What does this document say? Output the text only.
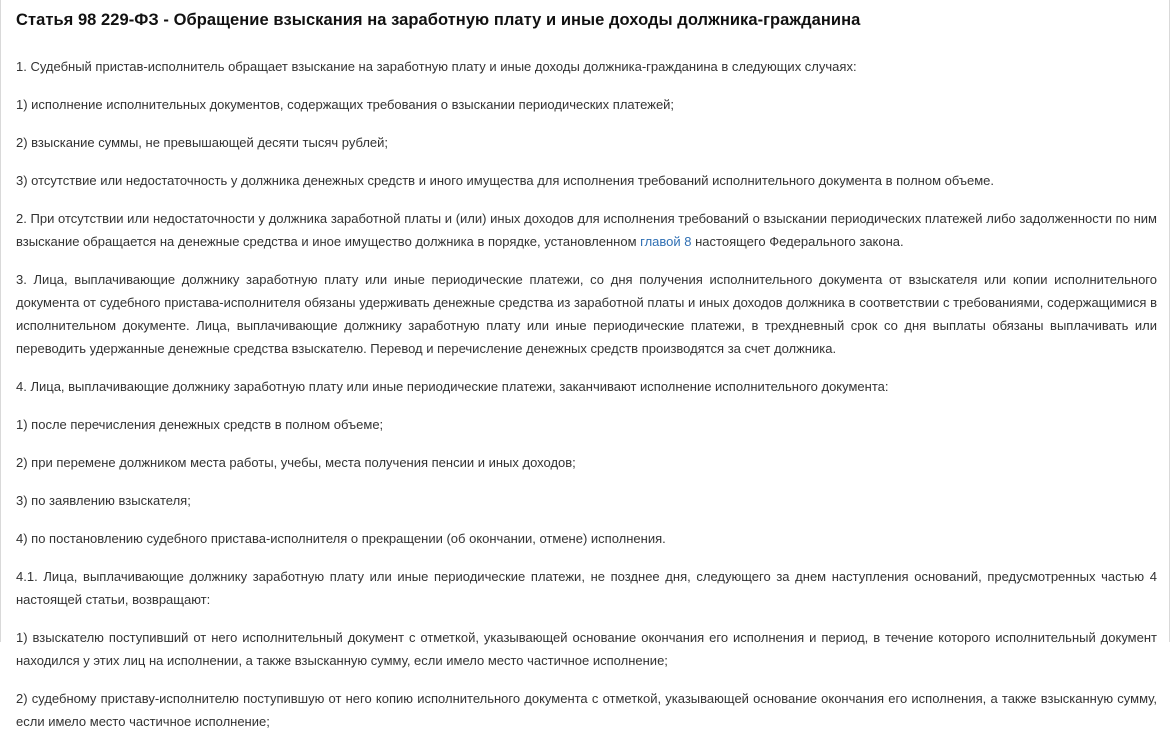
Статья 98 229-ФЗ - Обращение взыскания на заработную плату и иные доходы должника-гражданина

1. Судебный пристав-исполнитель обращает взыскание на заработную плату и иные доходы должника-гражданина в следующих случаях:

1) исполнение исполнительных документов, содержащих требования о взыскании периодических платежей;

2) взыскание суммы, не превышающей десяти тысяч рублей;

3) отсутствие или недостаточность у должника денежных средств и иного имущества для исполнения требований исполнительного документа в полном объеме.

2. При отсутствии или недостаточности у должника заработной платы и (или) иных доходов для исполнения требований о взыскании периодических платежей либо задолженности по ним взыскание обращается на денежные средства и иное имущество должника в порядке, установленном главой 8 настоящего Федерального закона.

3. Лица, выплачивающие должнику заработную плату или иные периодические платежи, со дня получения исполнительного документа от взыскателя или копии исполнительного документа от судебного пристава-исполнителя обязаны удерживать денежные средства из заработной платы и иных доходов должника в соответствии с требованиями, содержащимися в исполнительном документе. Лица, выплачивающие должнику заработную плату или иные периодические платежи, в трехдневный срок со дня выплаты обязаны выплачивать или переводить удержанные денежные средства взыскателю. Перевод и перечисление денежных средств производятся за счет должника.

4. Лица, выплачивающие должнику заработную плату или иные периодические платежи, заканчивают исполнение исполнительного документа:

1) после перечисления денежных средств в полном объеме;

2) при перемене должником места работы, учебы, места получения пенсии и иных доходов;

3) по заявлению взыскателя;

4) по постановлению судебного пристава-исполнителя о прекращении (об окончании, отмене) исполнения.

4.1. Лица, выплачивающие должнику заработную плату или иные периодические платежи, не позднее дня, следующего за днем наступления оснований, предусмотренных частью 4 настоящей статьи, возвращают:

1) взыскателю поступивший от него исполнительный документ с отметкой, указывающей основание окончания его исполнения и период, в течение которого исполнительный документ находился у этих лиц на исполнении, а также взысканную сумму, если имело место частичное исполнение;

2) судебному приставу-исполнителю поступившую от него копию исполнительного документа с отметкой, указывающей основание окончания его исполнения, а также взысканную сумму, если имело место частичное исполнение;
